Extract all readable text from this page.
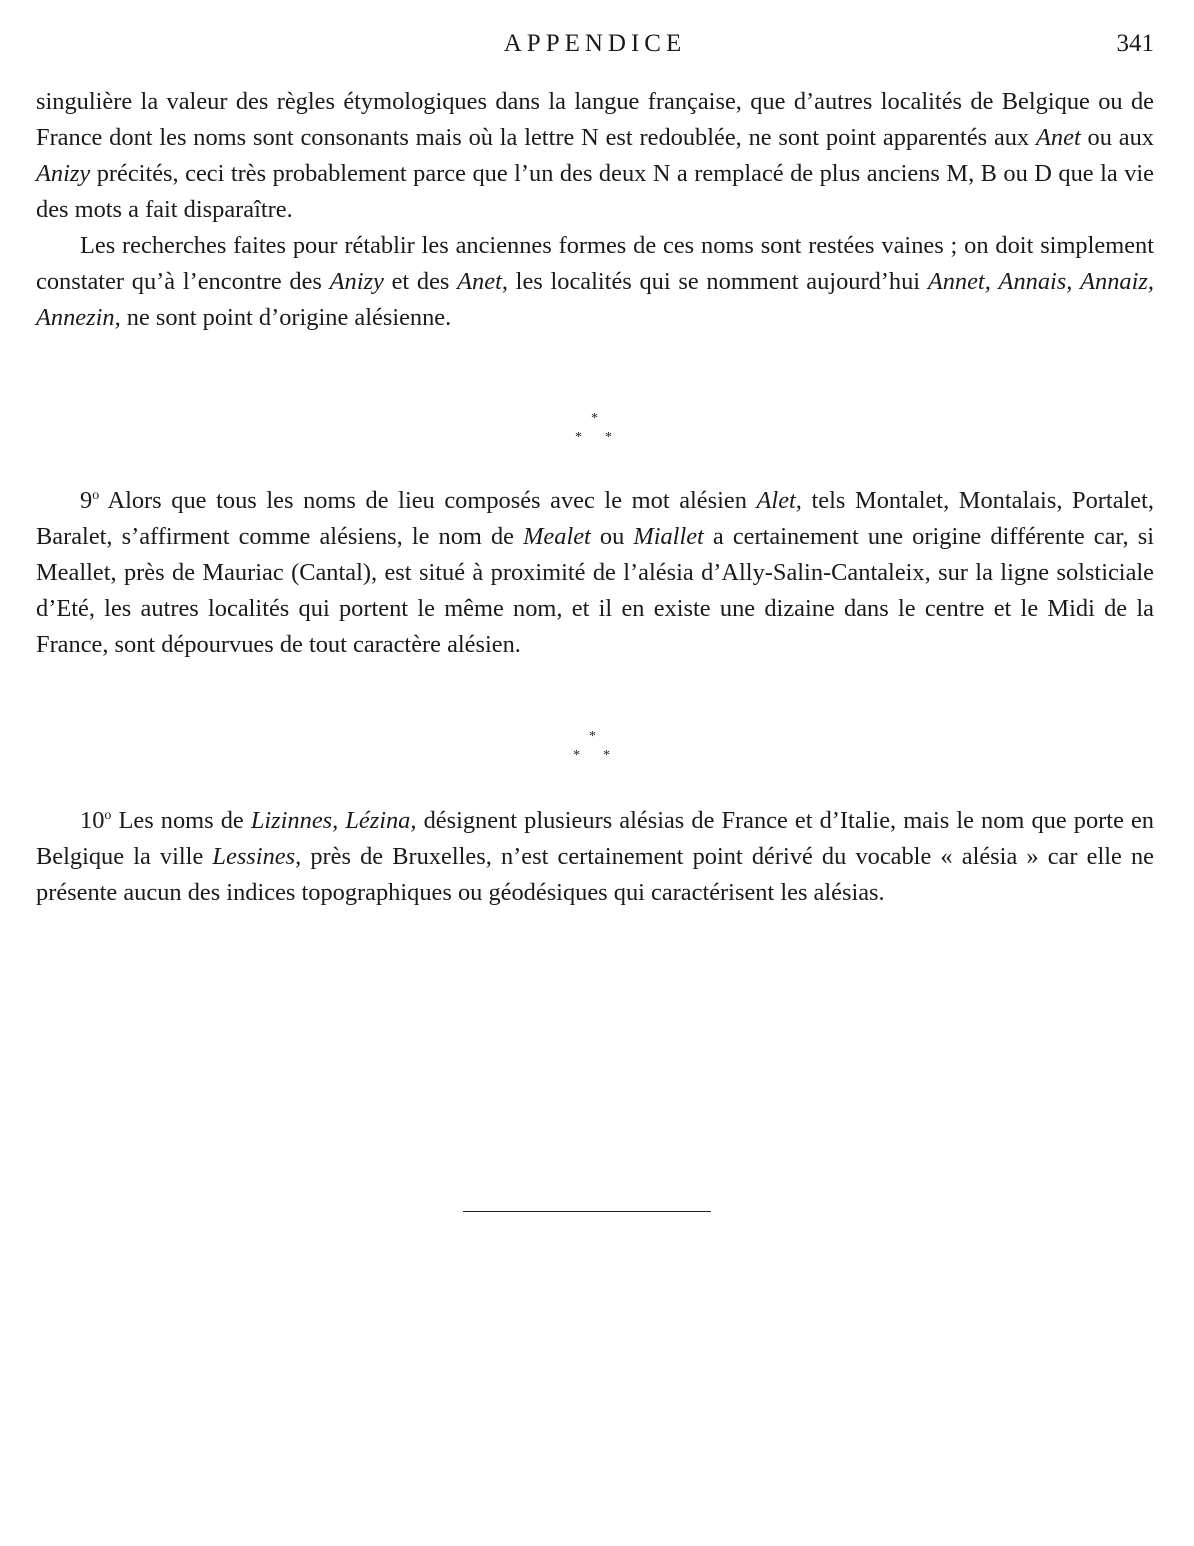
APPENDICE	341

singulière la valeur des règles étymologiques dans la langue française, que d’autres localités de Belgique ou de France dont les noms sont consonants mais où la lettre N est redoublée, ne sont point apparentés aux Anet ou aux Anizy précités, ceci très probablement parce que l’un des deux N a remplacé de plus anciens M, B ou D que la vie des mots a fait disparaître.

Les recherches faites pour rétablir les anciennes formes de ces noms sont restées vaines ; on doit simplement constater qu’à l’encontre des Anizy et des Anet, les localités qui se nomment aujourd’hui Annet, Annais, Annaiz, Annezin, ne sont point d’origine alésienne.

*
* *

9$^o$ Alors que tous les noms de lieu composés avec le mot alésien Alet, tels Montalet, Montalais, Portalet, Baralet, s’affirment comme alésiens, le nom de Mealet ou Miallet a certainement une origine différente car, si Meallet, près de Mauriac (Cantal), est situé à proximité de l’alésia d’Ally-Salin-Cantaleix, sur la ligne solsticiale d’Eté, les autres localités qui portent le même nom, et il en existe une dizaine dans le centre et le Midi de la France, sont dépourvues de tout caractère alésien.

*
* *

10$^o$ Les noms de Lizinnes, Lézina, désignent plusieurs alésias de France et d’Italie, mais le nom que porte en Belgique la ville Lessines, près de Bruxelles, n’est certainement point dérivé du vocable « alésia » car elle ne présente aucun des indices topographiques ou géodésiques qui caractérisent les alésias.
